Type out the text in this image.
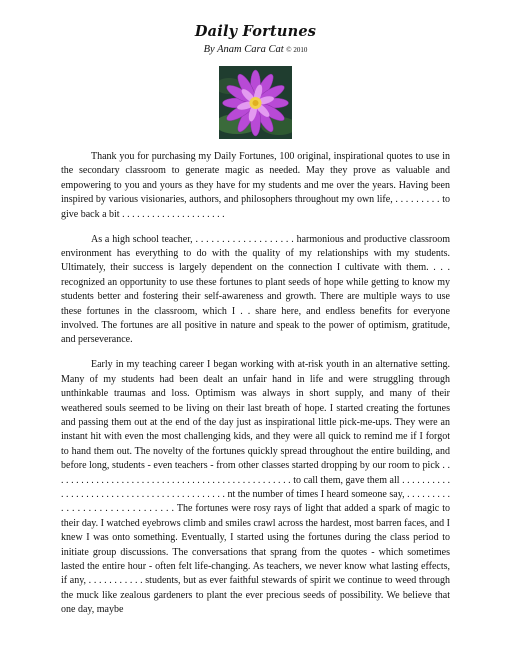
Daily Fortunes
By Anam Cara Cat © 2010

Thank you for purchasing my Daily Fortunes, 100 original, inspirational quotes to use in the secondary classroom to generate magic as needed. May they prove as valuable and empowering to you and yours as they have for my students and me over the years. Having been inspired by various visionaries, authors, and philosophers throughout my own life, . . . . . . . . . to give back a bit . . . . . . . . . . . . . . . . . . . . .

As a high school teacher, . . . . . . . . . . . . . . . . . . . harmonious and productive classroom environment has everything to do with the quality of my relationships with my students. Ultimately, their success is largely dependent on the connection I cultivate with them. . . . recognized an opportunity to use these fortunes to plant seeds of hope while getting to know my students better and fostering their self-awareness and growth. There are multiple ways to use these fortunes in the classroom, which I . . share here, and endless benefits for everyone involved. The fortunes are all positive in nature and speak to the power of optimism, gratitude, and perseverance.

Early in my teaching career I began working with at-risk youth in an alternative setting. Many of my students had been dealt an unfair hand in life and were struggling through unthinkable traumas and loss. Optimism was always in short supply, and many of their weathered souls seemed to be living on their last breath of hope. I started creating the fortunes and passing them out at the end of the day just as inspirational little pick-me-ups. They were an instant hit with even the most challenging kids, and they were all quick to remind me if I forgot to hand them out. The novelty of the fortunes quickly spread throughout the entire building, and before long, students - even teachers - from other classes started dropping by our room to pick . . . . . . . . . . . . . . . . . . . . . . . . . . . . . . . . . . . . . . . . . . . . . . . . to call them, gave them all . . . . . . . . . . . . . . . . . . . . . . . . . . . . . . . . . . . . . . . . . . . nt the number of times I heard someone say, . . . . . . . . . . . . . . . . . . . . . . . . . . . . . . The fortunes were rosy rays of light that added a spark of magic to their day. I watched eyebrows climb and smiles crawl across the hardest, most barren faces, and I knew I was onto something. Eventually, I started using the fortunes during the class period to initiate group discussions. The conversations that sprang from the quotes - which sometimes lasted the entire hour - often felt life-changing. As teachers, we never know what lasting effects, if any, . . . . . . . . . . . students, but as ever faithful stewards of spirit we continue to weed through the muck like zealous gardeners to plant the ever precious seeds of possibility. We believe that one day, maybe
